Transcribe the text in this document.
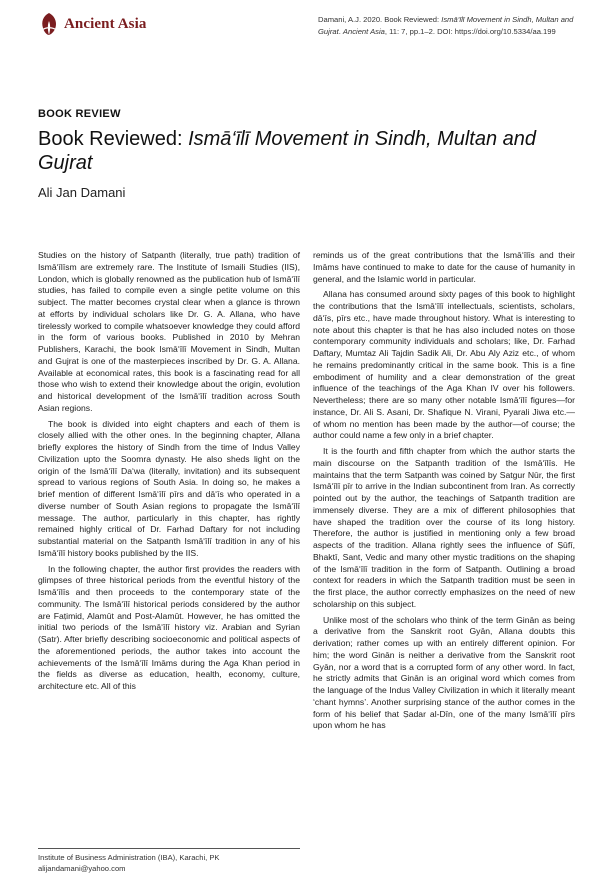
Ancient Asia	Damani, A.J. 2020. Book Reviewed: Ismā‘īlī Movement in Sindh, Multan and Gujrat. Ancient Asia, 11: 7, pp.1–2. DOI: https://doi.org/10.5334/aa.199
BOOK REVIEW
Book Reviewed: Ismā‘īlī Movement in Sindh, Multan and Gujrat
Ali Jan Damani

Studies on the history of Satpanth (literally, true path) tradition of Ismā‘īlīsm are extremely rare. The Institute of Ismaili Studies (IIS), London, which is globally renowned as the publication hub of Ismā‘īlī studies, has failed to compile even a single petite volume on this subject. The matter becomes crystal clear when a glance is thrown at efforts by individual scholars like Dr. G. A. Allana, who have tirelessly worked to compile whatsoever knowledge they could afford in the form of various books. Published in 2010 by Mehran Publishers, Karachi, the book Ismā‘īlī Movement in Sindh, Multan and Gujrat is one of the masterpieces inscribed by Dr. G. A. Allana. Available at economical rates, this book is a fascinating read for all those who wish to extend their knowledge about the origin, evolution and historical development of the Ismā‘īlī tradition across South Asian regions.

The book is divided into eight chapters and each of them is closely allied with the other ones. In the beginning chapter, Allana briefly explores the history of Sindh from the time of Indus Valley Civilization upto the Soomra dynasty. He also sheds light on the origin of the Ismā‘īlī Da‘wa (literally, invitation) and its subsequent spread to various regions of South Asia. In doing so, he makes a brief mention of different Ismā‘īlī pīrs and dā‘īs who operated in a diverse number of South Asian regions to propagate the Ismā‘īlī message. The author, particularly in this chapter, has rightly remained highly critical of Dr. Farhad Daftary for not including substantial material on the Satpanth Ismā‘īlī tradition in any of his Ismā‘īlī history books published by the IIS.

In the following chapter, the author first provides the readers with glimpses of three historical periods from the eventful history of the Ismā‘īlīs and then proceeds to the contemporary state of the community. The Ismā‘īlī historical periods considered by the author are Faṭimid, Alamūt and Post-Alamūt. However, he has omitted the initial two periods of the Ismā‘īlī history viz. Arabian and Syrian (Satr). After briefly describing socioeconomic and political aspects of the aforementioned periods, the author takes into account the achievements of the Ismā‘īlī Imāms during the Aga Khan period in the fields as diverse as education, health, economy, culture, architecture etc. All of this

reminds us of the great contributions that the Ismā‘īlīs and their Imāms have continued to make to date for the cause of humanity in general, and the Islamic world in particular.

Allana has consumed around sixty pages of this book to highlight the contributions that the Ismā‘īlī intellectuals, scientists, scholars, dā‘īs, pīrs etc., have made throughout history. What is interesting to note about this chapter is that he has also included notes on those contemporary community individuals and scholars; like, Dr. Farhad Daftary, Mumtaz Ali Tajdin Sadik Ali, Dr. Abu Aly Aziz etc., of whom he remains predominantly critical in the same book. This is a fine embodiment of humility and a clear demonstration of the great influence of the teachings of the Aga Khan IV over his followers. Nevertheless; there are so many other notable Ismā‘īlī figures—for instance, Dr. Ali S. Asani, Dr. Shafique N. Virani, Pyarali Jiwa etc.—of whom no mention has been made by the author—of course; the author could name a few only in a brief chapter.

It is the fourth and fifth chapter from which the author starts the main discourse on the Satpanth tradition of the Ismā‘īlīs. He maintains that the term Satpanth was coined by Satgur Nūr, the first Ismā‘īlī pīr to arrive in the Indian subcontinent from Iran. As correctly pointed out by the author, the teachings of Satpanth tradition are immensely diverse. They are a mix of different philosophies that have shaped the tradition over the course of its long history. Therefore, the author is justified in mentioning only a few broad aspects of the tradition. Allana rightly sees the influence of Ṣūfī, Bhaktī, Sant, Vedic and many other mystic traditions on the shaping of the Ismā‘īlī tradition in the form of Satpanth. Outlining a broad context for readers in which the Satpanth tradition must be seen in the first place, the author correctly emphasizes on the need of new scholarship on this subject.

Unlike most of the scholars who think of the term Ginān as being a derivative from the Sanskrit root Gyān, Allana doubts this derivation; rather comes up with an entirely different opinion. For him; the word Ginān is neither a derivative from the Sanskrit root Gyān, nor a word that is a corrupted form of any other word. In fact, he strictly admits that Ginān is an original word which comes from the language of the Indus Valley Civilization in which it literally meant ‘chant hymns’. Another surprising stance of the author comes in the form of his belief that Ṣadar al-Dīn, one of the many Ismā‘īlī pīrs upon whom he has

Institute of Business Administration (IBA), Karachi, PK
alijandamani@yahoo.com
